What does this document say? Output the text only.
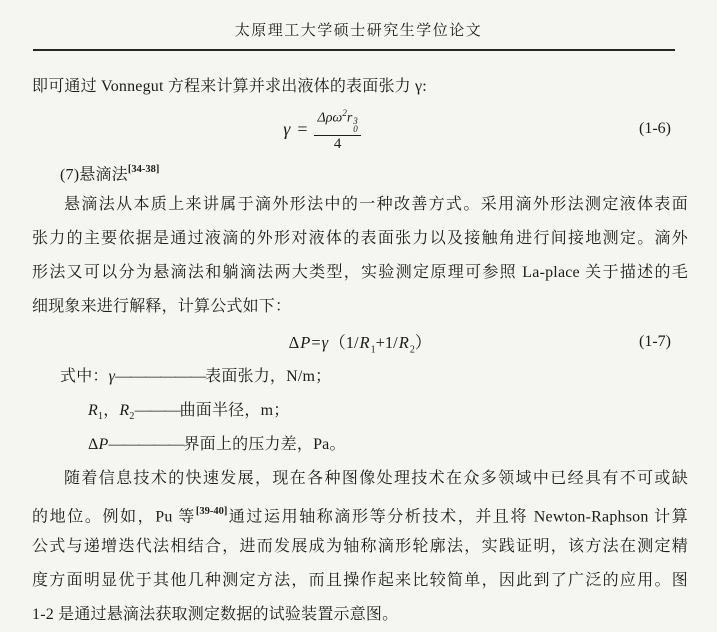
太原理工大学硕士研究生学位论文
即可通过 Vonnegut 方程来计算并求出液体的表面张力 γ:
γ = Δρω$^2$r 3
0
4	(1-6)
(7)悬滴法[34-38]
悬滴法从本质上来讲属于滴外形法中的一种改善方式。采用滴外形法测定液体表面
张力的主要依据是通过液滴的外形对液体的表面张力以及接触角进行间接地测定。滴外
形法又可以分为悬滴法和躺滴法两大类型，实验测定原理可参照 La-place 关于描述的毛
细现象来进行解释，计算公式如下：
$\Delta P=\gamma(1/R_1+1/R_2)$	(1-7)
式中：γ——————表面张力，N/m；
$R_1$，$R_2———$曲面半径，m；
ΔP—————界面上的压力差，Pa。
随着信息技术的快速发展，现在各种图像处理技术在众多领域中已经具有不可或缺
的地位。例如，Pu 等[39-40]通过运用轴称滴形等分析技术，并且将 Newton-Raphson 计算
公式与递增迭代法相结合，进而发展成为轴称滴形轮廓法，实践证明，该方法在测定精
度方面明显优于其他几种测定方法，而且操作起来比较简单，因此到了广泛的应用。图
1-2 是通过悬滴法获取测定数据的试验装置示意图。
